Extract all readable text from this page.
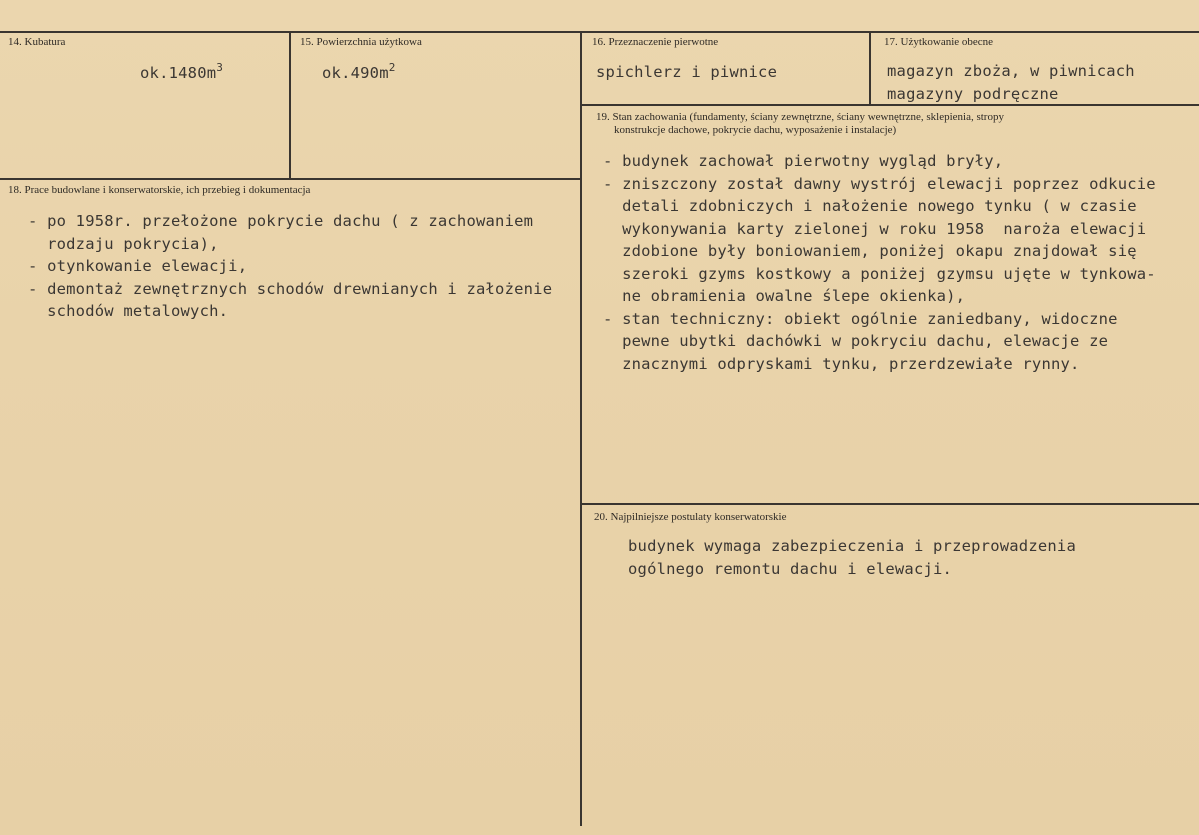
14. Kubatura
$ok.1480m^3$
15. Powierzchnia użytkowa
$ok.490m^2$
16. Przeznaczenie pierwotne
spichlerz i piwnice
17. Użytkowanie obecne
magazyn zboża, w piwnicach
magazyny podręczne
19. Stan zachowania (fundamenty, ściany zewnętrzne, ściany wewnętrzne, sklepienia, stropy
konstrukcje dachowe, pokrycie dachu, wyposażenie i instalacje)
- budynek zachował pierwotny wygląd bryły,
- zniszczony został dawny wystrój elewacji poprzez odkucie
detali zdobniczych i nałożenie nowego tynku ( w czasie
wykonywania karty zielonej w roku 1958  naroża elewacji
zdobione były boniowaniem, poniżej okapu znajdował się
szeroki gzyms kostkowy a poniżej gzymsu ujęte w tynkowa-
ne obramienia owalne ślepe okienka),
- stan techniczny: obiekt ogólnie zaniedbany, widoczne
pewne ubytki dachówki w pokryciu dachu, elewacje ze
znacznymi odpryskami tynku, przerdzewiałe rynny.
18. Prace budowlane i konserwatorskie, ich przebieg i dokumentacja
- po 1958r. przełożone pokrycie dachu ( z zachowaniem
rodzaju pokrycia),
- otynkowanie elewacji,
- demontaż zewnętrznych schodów drewnianych i założenie
schodów metalowych.
20. Najpilniejsze postulaty konserwatorskie
budynek wymaga zabezpieczenia i przeprowadzenia
ogólnego remontu dachu i elewacji.
